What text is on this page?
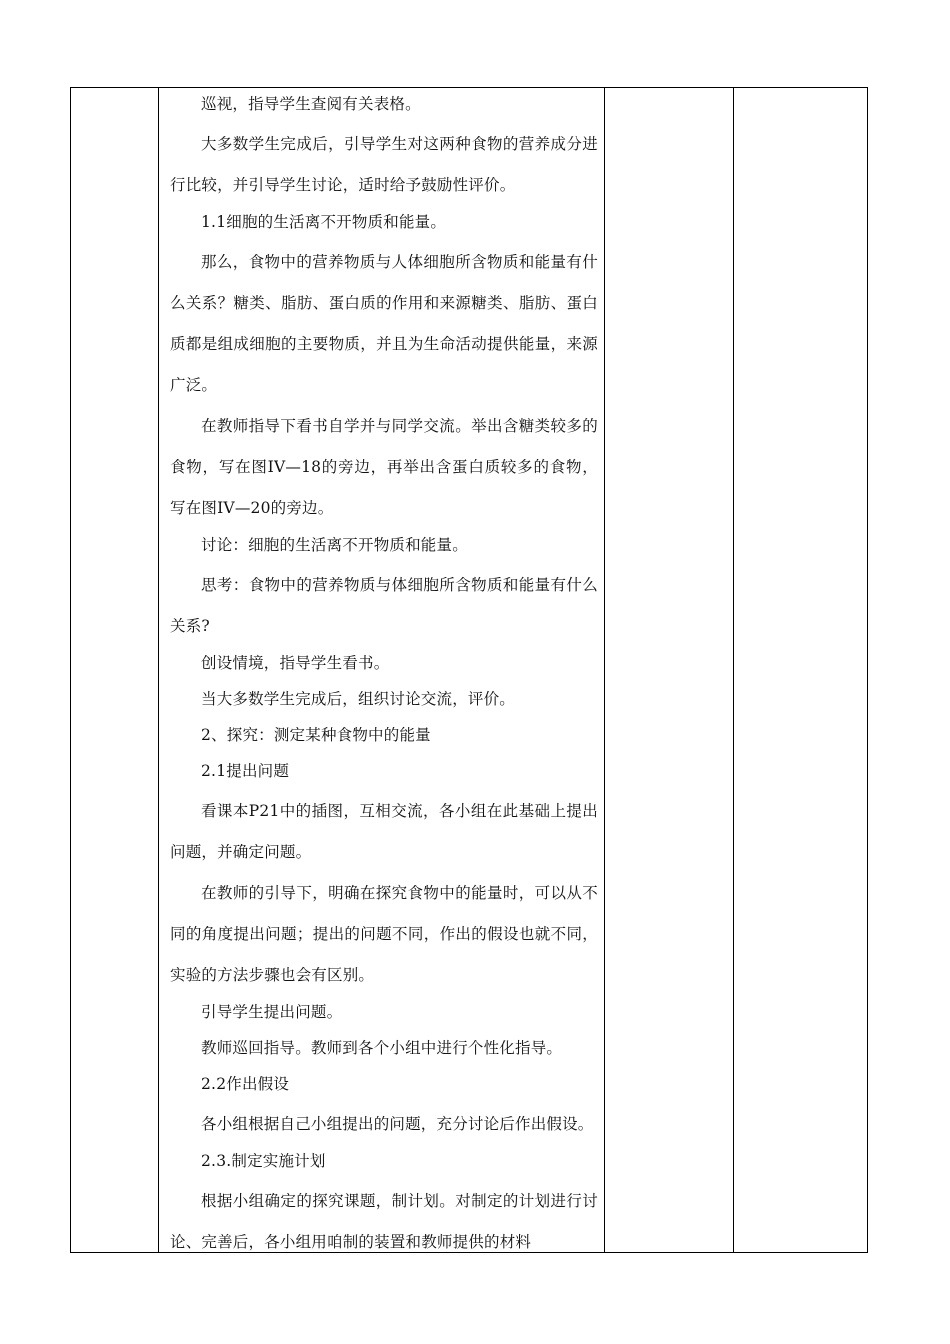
巡视，指导学生查阅有关表格。

大多数学生完成后，引导学生对这两种食物的营养成分进行比较，并引导学生讨论，适时给予鼓励性评价。

1.1细胞的生活离不开物质和能量。

那么，食物中的营养物质与人体细胞所含物质和能量有什么关系？糖类、脂肪、蛋白质的作用和来源糖类、脂肪、蛋白质都是组成细胞的主要物质，并且为生命活动提供能量，来源广泛。

在教师指导下看书自学并与同学交流。举出含糖类较多的食物，写在图IV—18的旁边，再举出含蛋白质较多的食物，写在图IV—20的旁边。

讨论：细胞的生活离不开物质和能量。

思考：食物中的营养物质与体细胞所含物质和能量有什么关系?

创设情境，指导学生看书。

当大多数学生完成后，组织讨论交流，评价。

2、探究：测定某种食物中的能量

2.1提出问题

看课本P21中的插图，互相交流，各小组在此基础上提出问题，并确定问题。

在教师的引导下，明确在探究食物中的能量时，可以从不同的角度提出问题；提出的问题不同，作出的假设也就不同，实验的方法步骤也会有区别。

引导学生提出问题。

教师巡回指导。教师到各个小组中进行个性化指导。

2.2作出假设

各小组根据自己小组提出的问题，充分讨论后作出假设。

2.3.制定实施计划

根据小组确定的探究课题，制计划。对制定的计划进行讨论、完善后，各小组用咱制的装置和教师提供的材料
